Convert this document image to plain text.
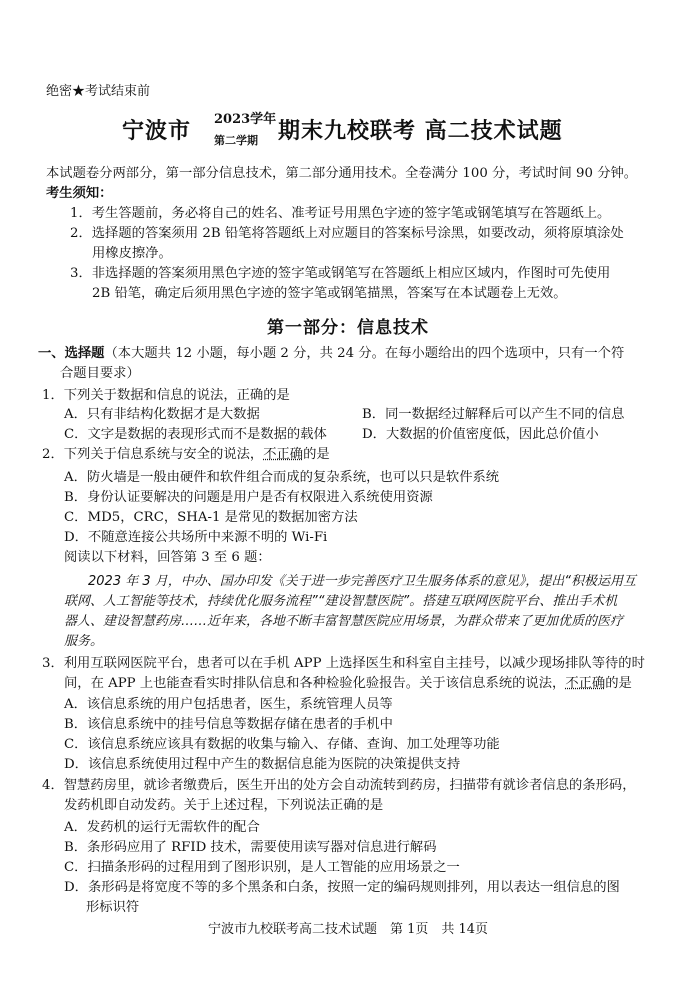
绝密★考试结束前
宁波市 2023学年
第二学期 期末九校联考 高二技术试题
本试题卷分两部分，第一部分信息技术，第二部分通用技术。全卷满分 100 分，考试时间 90 分钟。
考生须知：
1．考生答题前，务必将自己的姓名、准考证号用黑色字迹的签字笔或钢笔填写在答题纸上。
2．选择题的答案须用 2B 铅笔将答题纸上对应题目的答案标号涂黑，如要改动，须将原填涂处
用橡皮擦净。
3．非选择题的答案须用黑色字迹的签字笔或钢笔写在答题纸上相应区域内，作图时可先使用
2B 铅笔，确定后须用黑色字迹的签字笔或钢笔描黑，答案写在本试题卷上无效。
第一部分：信息技术
一、选择题（本大题共 12 小题，每小题 2 分，共 24 分。在每小题给出的四个选项中，只有一个符
合题目要求）
1．下列关于数据和信息的说法，正确的是
A．只有非结构化数据才是大数据	B．同一数据经过解释后可以产生不同的信息
C．文字是数据的表现形式而不是数据的载体	D．大数据的价值密度低，因此总价值小
2．下列关于信息系统与安全的说法，不正确的是
A．防火墙是一般由硬件和软件组合而成的复杂系统，也可以只是软件系统
B．身份认证要解决的问题是用户是否有权限进入系统使用资源
C．MD5，CRC，SHA-1 是常见的数据加密方法
D．不随意连接公共场所中来源不明的 Wi-Fi
阅读以下材料，回答第 3 至 6 题：
2023 年 3 月，中办、国办印发《关于进一步完善医疗卫生服务体系的意见》，提出“积极运用互
联网、人工智能等技术，持续优化服务流程”“建设智慧医院”。搭建互联网医院平台、推出手术机
器人、建设智慧药房……近年来，各地不断丰富智慧医院应用场景，为群众带来了更加优质的医疗
服务。
3．利用互联网医院平台，患者可以在手机 APP 上选择医生和科室自主挂号，以减少现场排队等待的时
间，在 APP 上也能查看实时排队信息和各种检验化验报告。关于该信息系统的说法，不正确的是
A．该信息系统的用户包括患者，医生，系统管理人员等
B．该信息系统中的挂号信息等数据存储在患者的手机中
C．该信息系统应该具有数据的收集与输入、存储、查询、加工处理等功能
D．该信息系统使用过程中产生的数据信息能为医院的决策提供支持
4．智慧药房里，就诊者缴费后，医生开出的处方会自动流转到药房，扫描带有就诊者信息的条形码，
发药机即自动发药。关于上述过程，下列说法正确的是
A．发药机的运行无需软件的配合
B．条形码应用了 RFID 技术，需要使用读写器对信息进行解码
C．扫描条形码的过程用到了图形识别，是人工智能的应用场景之一
D．条形码是将宽度不等的多个黑条和白条，按照一定的编码规则排列，用以表达一组信息的图
形标识符
宁波市九校联考高二技术试题　第 1页　共 14页
